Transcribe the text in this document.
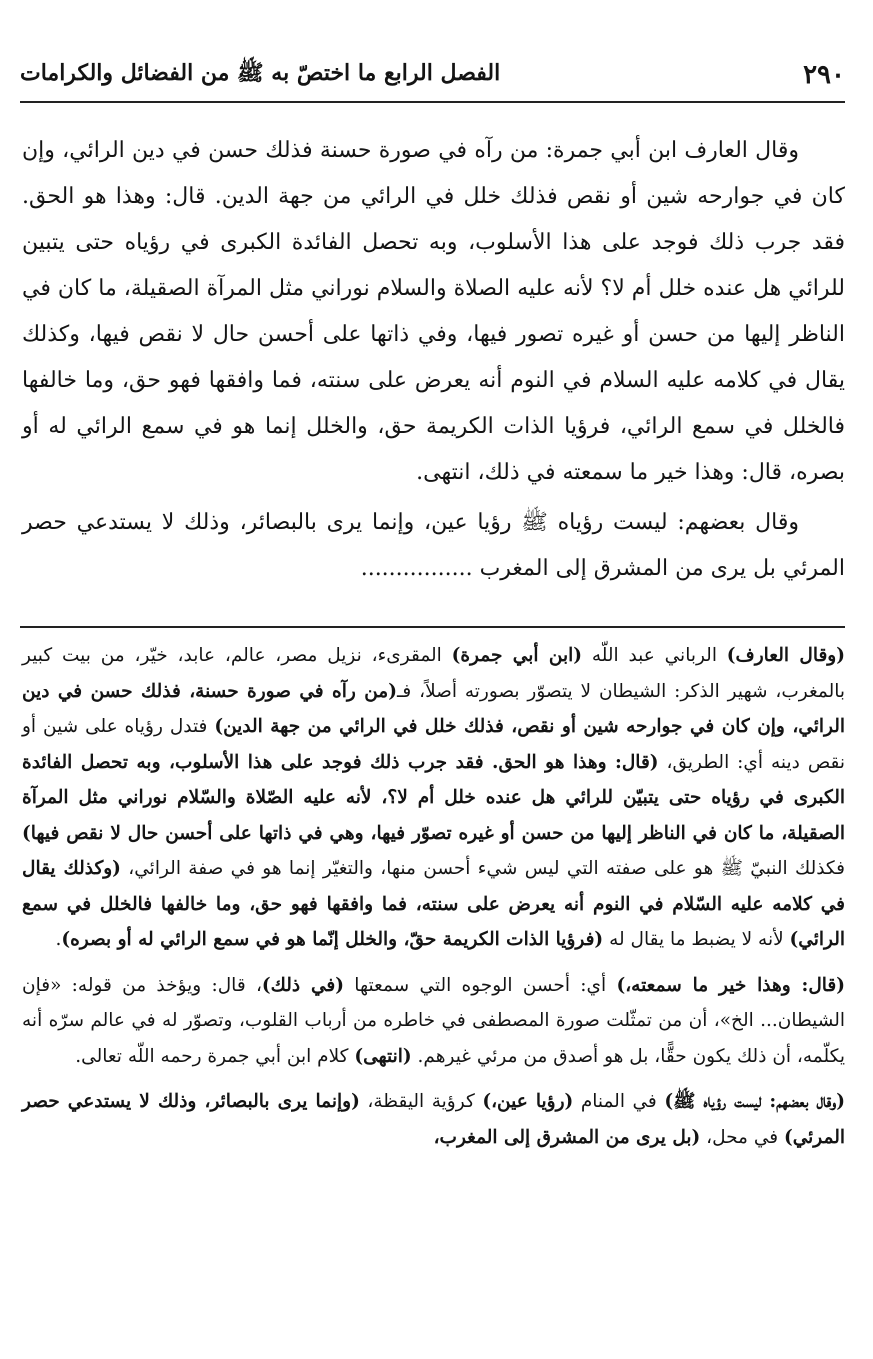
الفصل الرابع ما اختصّ به ﷺ من الفضائل والكرامات	٢٩٠

وقال العارف ابن أبي جمرة: من رآه في صورة حسنة فذلك حسن في دين الرائي، وإن كان في جوارحه شين أو نقص فذلك خلل في الرائي من جهة الدين. قال: وهذا هو الحق. فقد جرب ذلك فوجد على هذا الأسلوب، وبه تحصل الفائدة الكبرى في رؤياه حتى يتبين للرائي هل عنده خلل أم لا؟ لأنه عليه الصلاة والسلام نوراني مثل المرآة الصقيلة، ما كان في الناظر إليها من حسن أو غيره تصور فيها، وفي ذاتها على أحسن حال لا نقص فيها، وكذلك يقال في كلامه عليه السلام في النوم أنه يعرض على سنته، فما وافقها فهو حق، وما خالفها فالخلل في سمع الرائي، فرؤيا الذات الكريمة حق، والخلل إنما هو في سمع الرائي له أو بصره، قال: وهذا خير ما سمعته في ذلك، انتهى.

وقال بعضهم: ليست رؤياه ﷺ رؤيا عين، وإنما يرى بالبصائر، وذلك لا يستدعي حصر المرئي بل يرى من المشرق إلى المغرب ................

(وقال العارف) الرباني عبد اللّه (ابن أبي جمرة) المقرىء، نزيل مصر، عالم، عابد، خيّر، من بيت كبير بالمغرب، شهير الذكر: الشيطان لا يتصوّر بصورته أصلاً، فـ(من رآه في صورة حسنة، فذلك حسن في دين الرائي، وإن كان في جوارحه شين أو نقص، فذلك خلل في الرائي من جهة الدين) فتدل رؤياه على شين أو نقص دينه أي: الطريق، (قال: وهذا هو الحق. فقد جرب ذلك فوجد على هذا الأسلوب، وبه تحصل الفائدة الكبرى في رؤياه حتى يتبيّن للرائي هل عنده خلل أم لا؟، لأنه عليه الصّلاة والسّلام نوراني مثل المرآة الصقيلة، ما كان في الناظر إليها من حسن أو غيره تصوّر فيها، وهي في ذاتها على أحسن حال لا نقص فيها) فكذلك النبيّ ﷺ هو على صفته التي ليس شيء أحسن منها، والتغيّر إنما هو في صفة الرائي، (وكذلك يقال في كلامه عليه السّلام في النوم أنه يعرض على سنته، فما وافقها فهو حق، وما خالفها فالخلل في سمع الرائي) لأنه لا يضبط ما يقال له (فرؤيا الذات الكريمة حقّ، والخلل إنّما هو في سمع الرائي له أو بصره).

(قال: وهذا خير ما سمعته،) أي: أحسن الوجوه التي سمعتها (في ذلك)، قال: ويؤخذ من قوله: «فإن الشيطان... الخ»، أن من تمثّلت صورة المصطفى في خاطره من أرباب القلوب، وتصوّر له في عالم سرّه أنه يكلّمه، أن ذلك يكون حقًّا، بل هو أصدق من مرئي غيرهم. (انتهى) كلام ابن أبي جمرة رحمه اللّه تعالى.

(وقال بعضهم: ليست رؤياه ﷺ) في المنام (رؤيا عين،) كرؤية اليقظة، (وإنما يرى بالبصائر، وذلك لا يستدعي حصر المرئي) في محل، (بل يرى من المشرق إلى المغرب،
